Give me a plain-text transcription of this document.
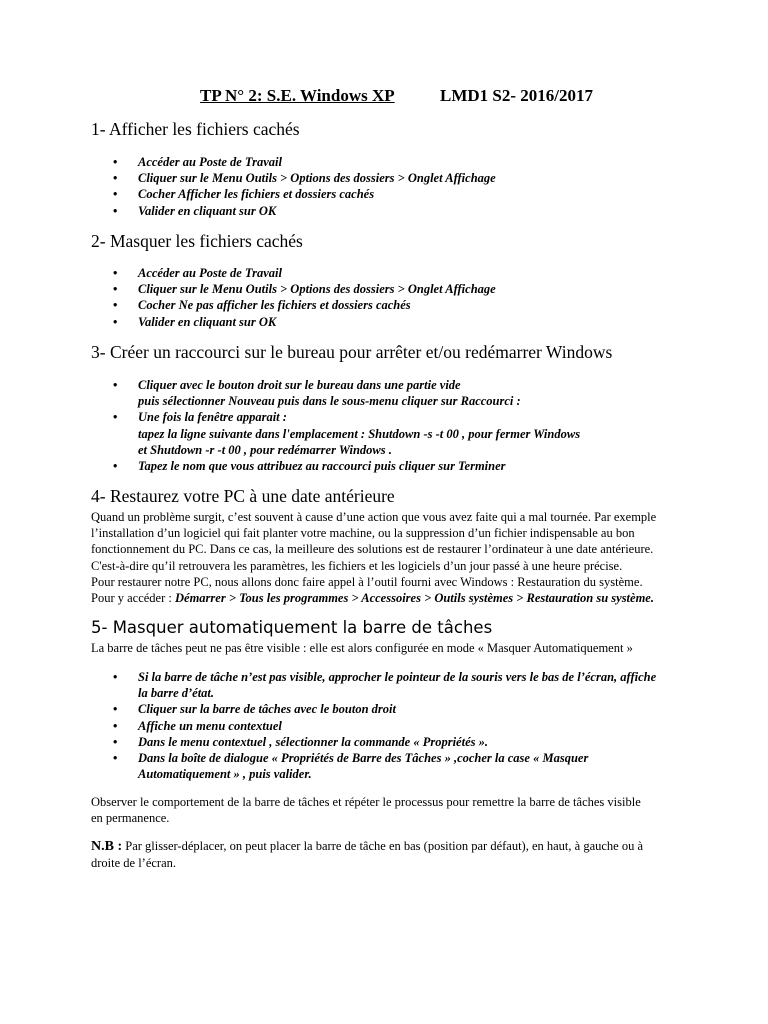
TP N° 2: S.E. Windows XP	LMD1 S2- 2016/2017
1- Afficher les fichiers cachés
• Accéder au Poste de Travail
• Cliquer sur le Menu Outils > Options des dossiers > Onglet Affichage
• Cocher Afficher les fichiers et dossiers cachés
• Valider en cliquant sur OK
2- Masquer les fichiers cachés
• Accéder au Poste de Travail
• Cliquer sur le Menu Outils > Options des dossiers > Onglet Affichage
• Cocher Ne pas afficher les fichiers et dossiers cachés
• Valider en cliquant sur OK
3- Créer un raccourci sur le bureau pour arrêter et/ou redémarrer Windows
• Cliquer avec le bouton droit sur le bureau dans une partie vide
puis sélectionner Nouveau puis dans le sous-menu cliquer sur Raccourci :
• Une fois la fenêtre apparait :
tapez la ligne suivante dans l'emplacement : Shutdown -s -t 00 , pour fermer Windows
et Shutdown -r -t 00 , pour redémarrer Windows .
• Tapez le nom que vous attribuez au raccourci puis cliquer sur Terminer
4- Restaurez votre PC à une date antérieure
Quand un problème surgit, c’est souvent à cause d’une action que vous avez faite qui a mal tournée. Par exemple
l’installation d’un logiciel qui fait planter votre machine, ou la suppression d’un fichier indispensable au bon
fonctionnement du PC. Dans ce cas, la meilleure des solutions est de restaurer l’ordinateur à une date antérieure.
C'est-à-dire qu’il retrouvera les paramètres, les fichiers et les logiciels d’un jour passé à une heure précise.
Pour restaurer notre PC, nous allons donc faire appel à l’outil fourni avec Windows : Restauration du système.
Pour y accéder : Démarrer > Tous les programmes > Accessoires > Outils systèmes > Restauration su système.
5- Masquer automatiquement la barre de tâches
La barre de tâches peut ne pas être visible : elle est alors configurée en mode « Masquer Automatiquement »
• Si la barre de tâche n’est pas visible, approcher le pointeur de la souris vers le bas de l’écran, affiche
la barre d’état.
• Cliquer sur la barre de tâches avec le bouton droit
• Affiche un menu contextuel
• Dans le menu contextuel , sélectionner la commande « Propriétés ».
• Dans la boîte de dialogue « Propriétés de Barre des Tâches » ,cocher la case « Masquer
Automatiquement » , puis valider.
Observer le comportement de la barre de tâches et répéter le processus pour remettre la barre de tâches visible
en permanence.
N.B : Par glisser-déplacer, on peut placer la barre de tâche en bas (position par défaut), en haut, à gauche ou à
droite de l’écran.
